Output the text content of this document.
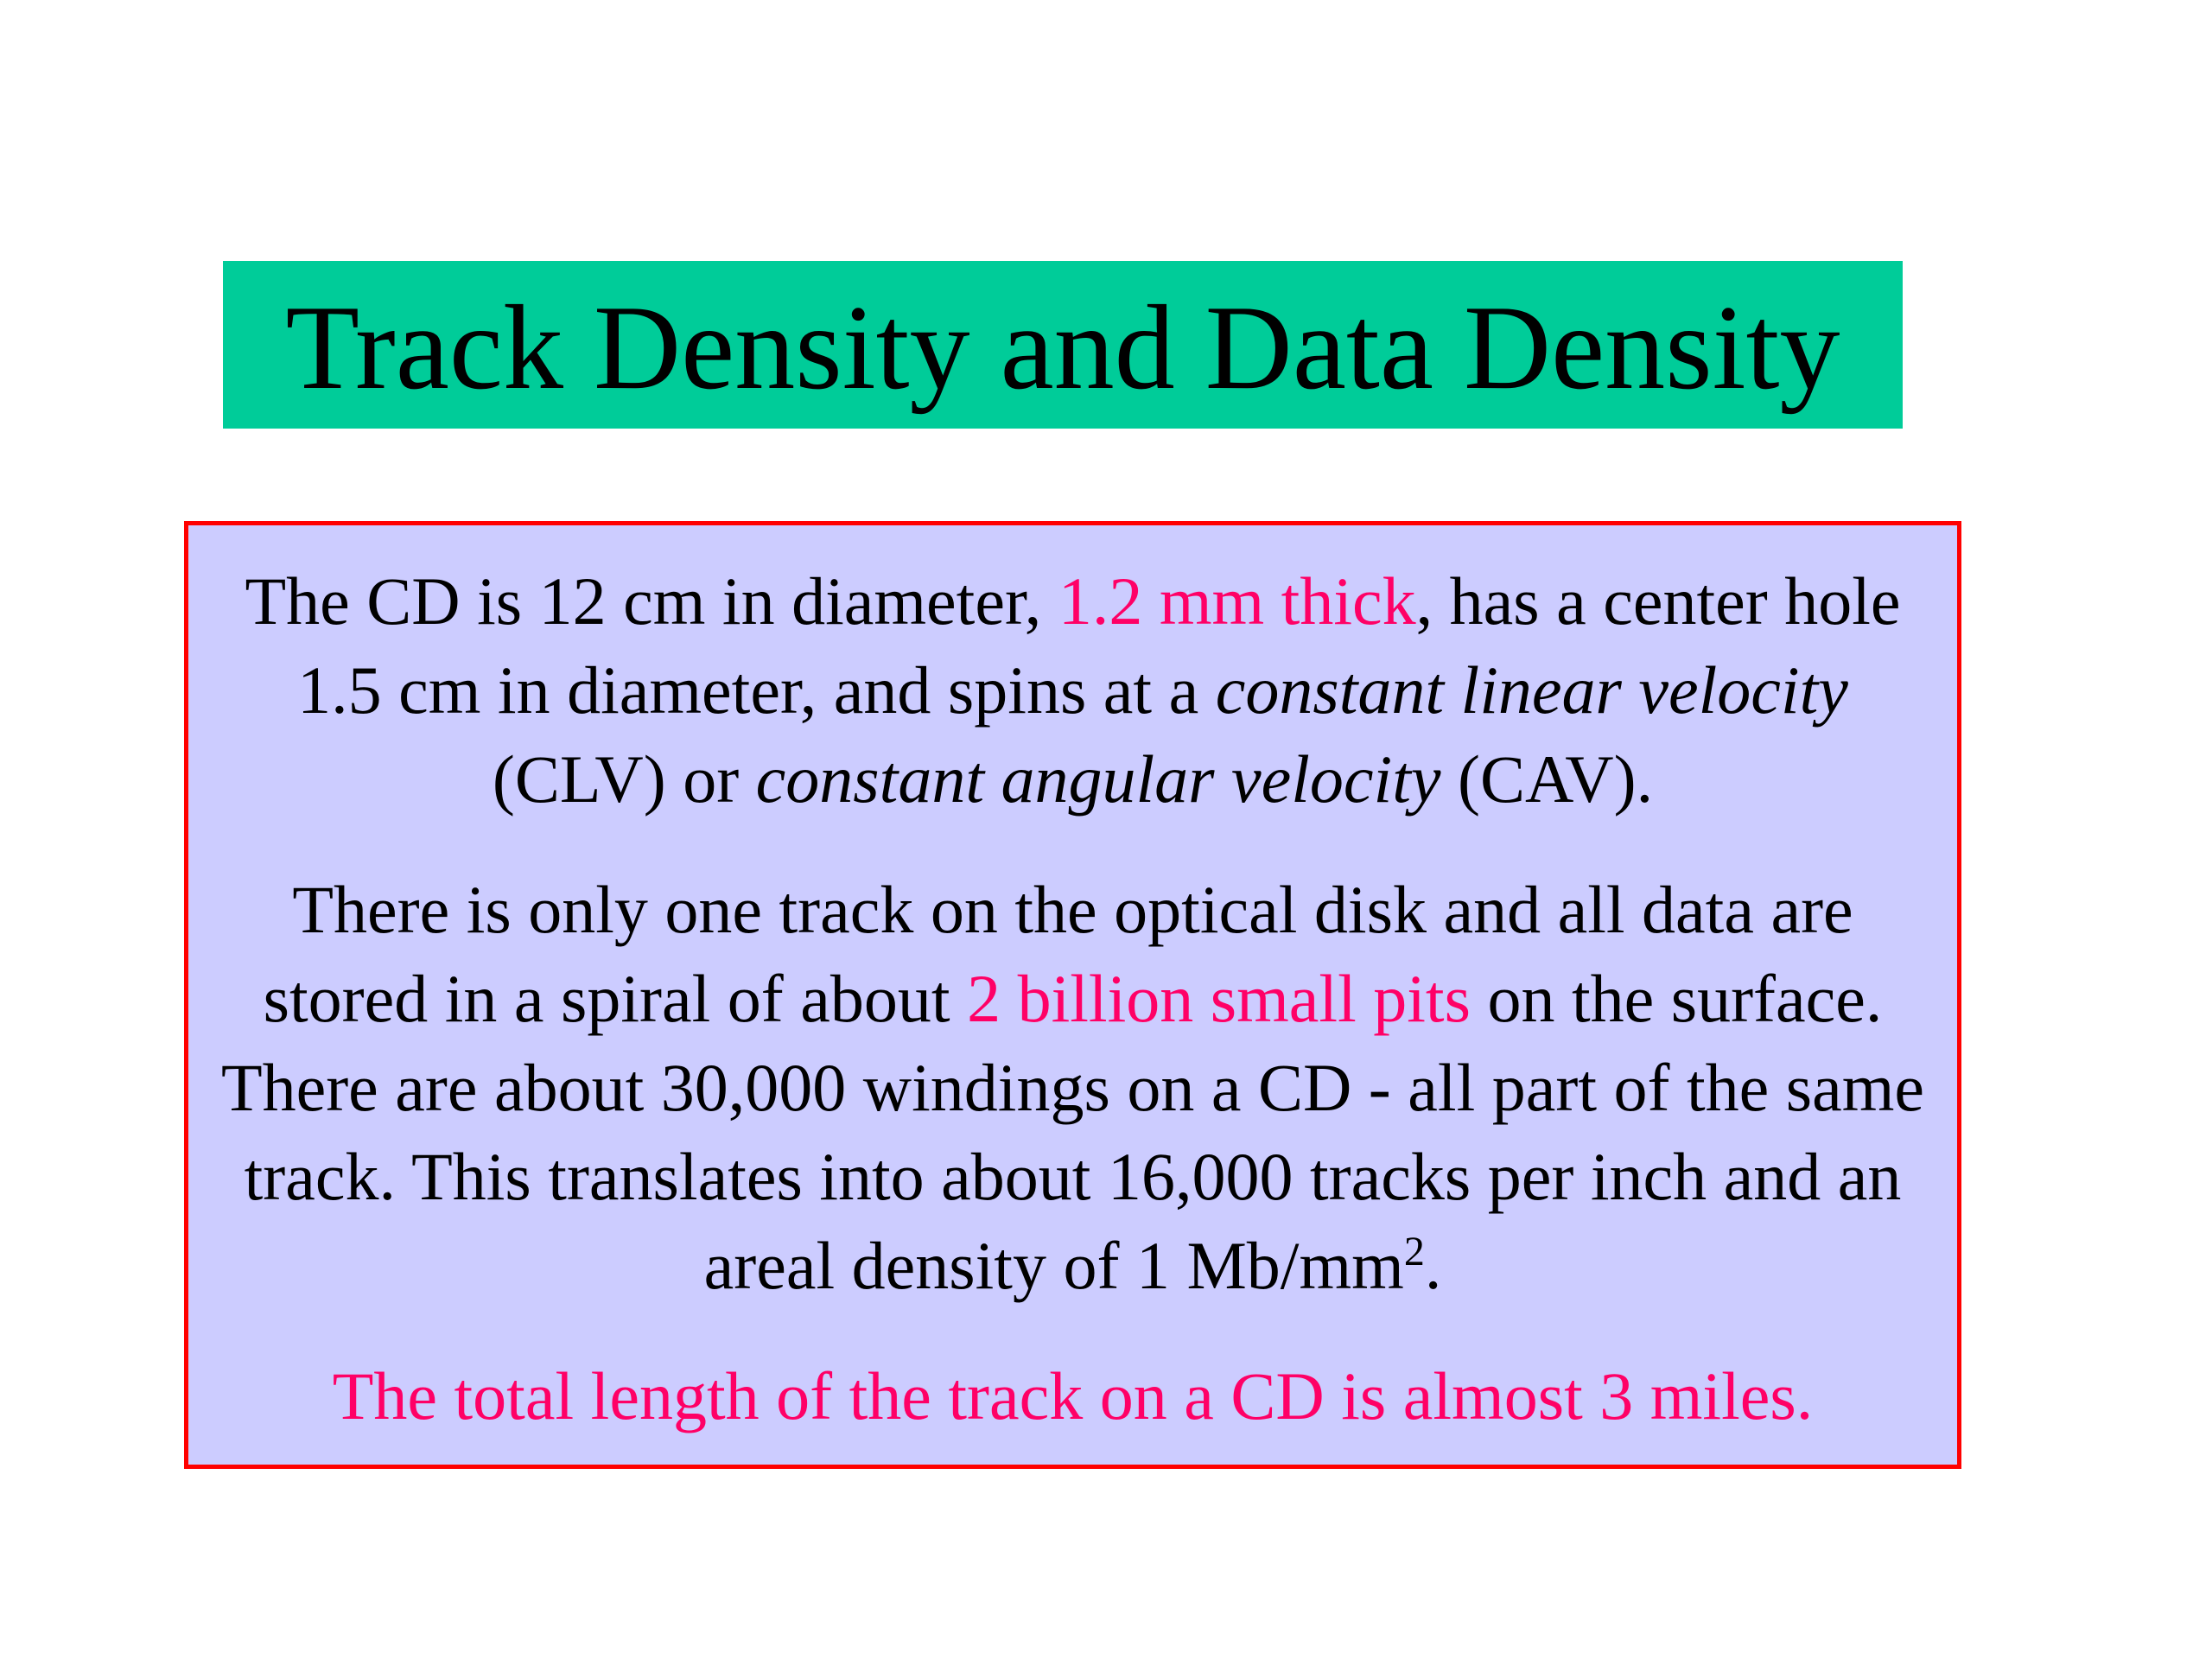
Track Density and Data Density

The CD is 12 cm in diameter, 1.2 mm thick, has a center hole 1.5 cm in diameter, and spins at a constant linear velocity (CLV) or constant angular velocity (CAV).

There is only one track on the optical disk and all data are stored in a spiral of about 2 billion small pits on the surface. There are about 30,000 windings on a CD - all part of the same track. This translates into about 16,000 tracks per inch and an areal density of 1 $Mb/mm^2$.

The total length of the track on a CD is almost 3 miles.
